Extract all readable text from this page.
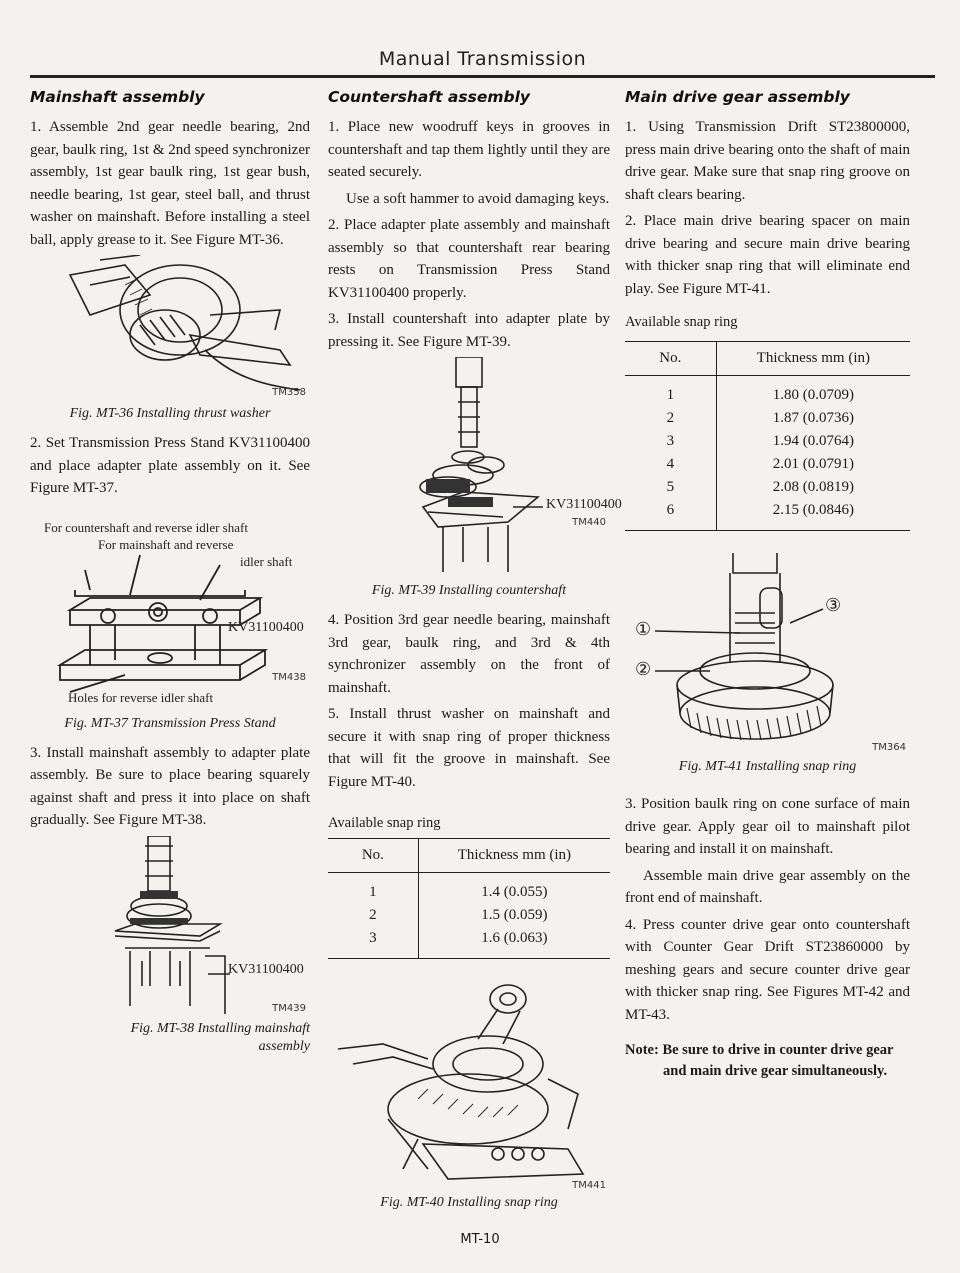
Manual Transmission
Mainshaft assembly

1. Assemble 2nd gear needle bearing, 2nd gear, baulk ring, 1st & 2nd speed synchronizer assembly, 1st gear baulk ring, 1st gear bush, needle bearing, 1st gear, steel ball, and thrust washer on mainshaft. Before installing a steel ball, apply grease to it. See Figure MT-36.

TM358
Fig. MT-36 Installing thrust washer

2. Set Transmission Press Stand KV31100400 and place adapter plate assembly on it. See Figure MT-37.

For countershaft and reverse idler shaft
For mainshaft and reverse
idler shaft
KV31100400
TM438
Holes for reverse idler shaft
Fig. MT-37 Transmission Press Stand

3. Install mainshaft assembly to adapter plate assembly. Be sure to place bearing squarely against shaft and press it into place on shaft gradually. See Figure MT-38.

KV31100400
TM439
Fig. MT-38 Installing mainshaft
assembly
Countershaft assembly

1. Place new woodruff keys in grooves in countershaft and tap them lightly until they are seated securely.

Use a soft hammer to avoid damaging keys.

2. Place adapter plate assembly and mainshaft assembly so that countershaft rear bearing rests on Transmission Press Stand KV31100400 properly.

3. Install countershaft into adapter plate by pressing it. See Figure MT-39.

KV31100400
TM440
Fig. MT-39 Installing countershaft

4. Position 3rd gear needle bearing, mainshaft 3rd gear, baulk ring, and 3rd & 4th synchronizer assembly on the front of mainshaft.

5. Install thrust washer on mainshaft and secure it with snap ring of proper thickness that will fit the groove in mainshaft. See Figure MT-40.

Available snap ring
No.	Thickness mm (in)

1	1.4 (0.055)
2	1.5 (0.059)
3	1.6 (0.063)

TM441
Fig. MT-40 Installing snap ring
Main drive gear assembly

1. Using Transmission Drift ST23800000, press main drive bearing onto the shaft of main drive gear. Make sure that snap ring groove on shaft clears bearing.

2. Place main drive bearing spacer on main drive bearing and secure main drive bearing with thicker snap ring that will eliminate end play. See Figure MT-41.

Available snap ring
No.	Thickness mm (in)

1	1.80 (0.0709)
2	1.87 (0.0736)
3	1.94 (0.0764)
4	2.01 (0.0791)
5	2.08 (0.0819)
6	2.15 (0.0846)

①
②
③
TM364
Fig. MT-41 Installing snap ring

3. Position baulk ring on cone surface of main drive gear. Apply gear oil to mainshaft pilot bearing and install it on mainshaft.

Assemble main drive gear assembly on the front end of mainshaft.

4. Press counter drive gear onto countershaft with Counter Gear Drift ST23860000 by meshing gears and secure counter drive gear with thicker snap ring. See Figures MT-42 and MT-43.

Note: Be sure to drive in counter drive gear and main drive gear simultaneously.
MT-10
